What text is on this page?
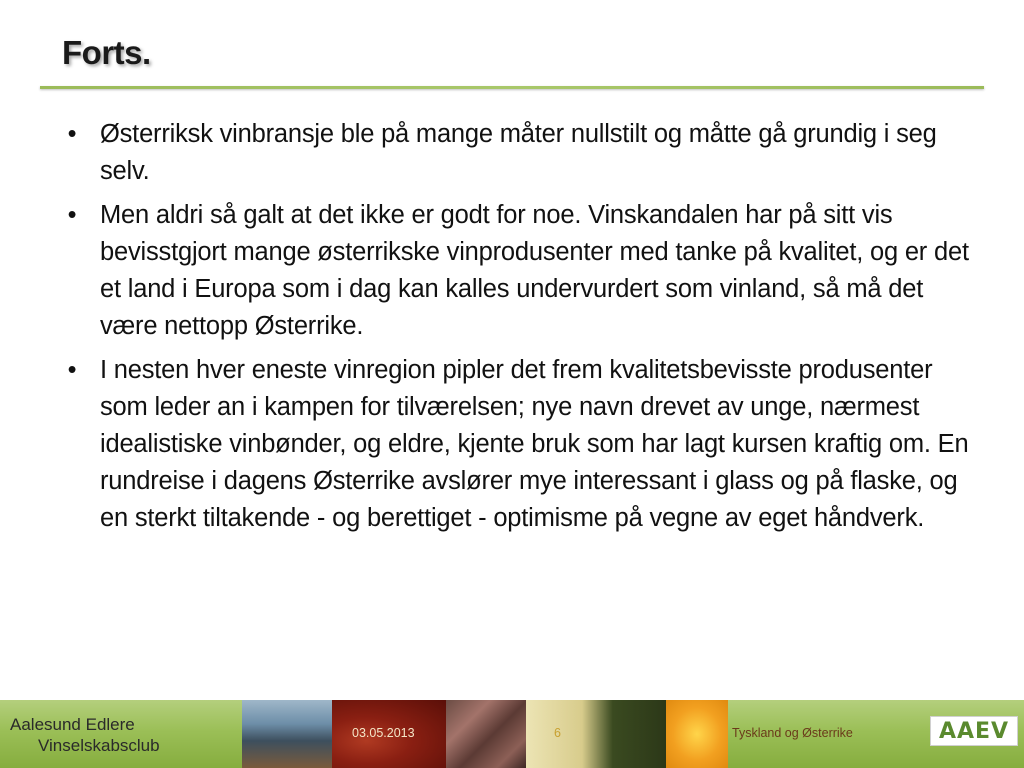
Forts.
• Østerriksk vinbransje ble på mange måter nullstilt og måtte gå grundig i seg selv.
• Men aldri så galt at det ikke er godt for noe. Vinskandalen har på sitt vis bevisstgjort mange østerrikske vinprodusenter med tanke på kvalitet, og er det et land i Europa som i dag kan kalles undervurdert som vinland, så må det være nettopp Østerrike.
• I nesten hver eneste vinregion pipler det frem kvalitetsbevisste produsenter som leder an i kampen for tilværelsen; nye navn drevet av unge, nærmest idealistiske vinbønder, og eldre, kjente bruk som har lagt kursen kraftig om. En rundreise i dagens Østerrike avslører mye interessant i glass og på flaske, og en sterkt tiltakende - og berettiget - optimisme på vegne av eget håndverk.
Aalesund Edlere
Vinselskabsclub
03.05.2013	6	Tyskland og Østerrike	AAEV
